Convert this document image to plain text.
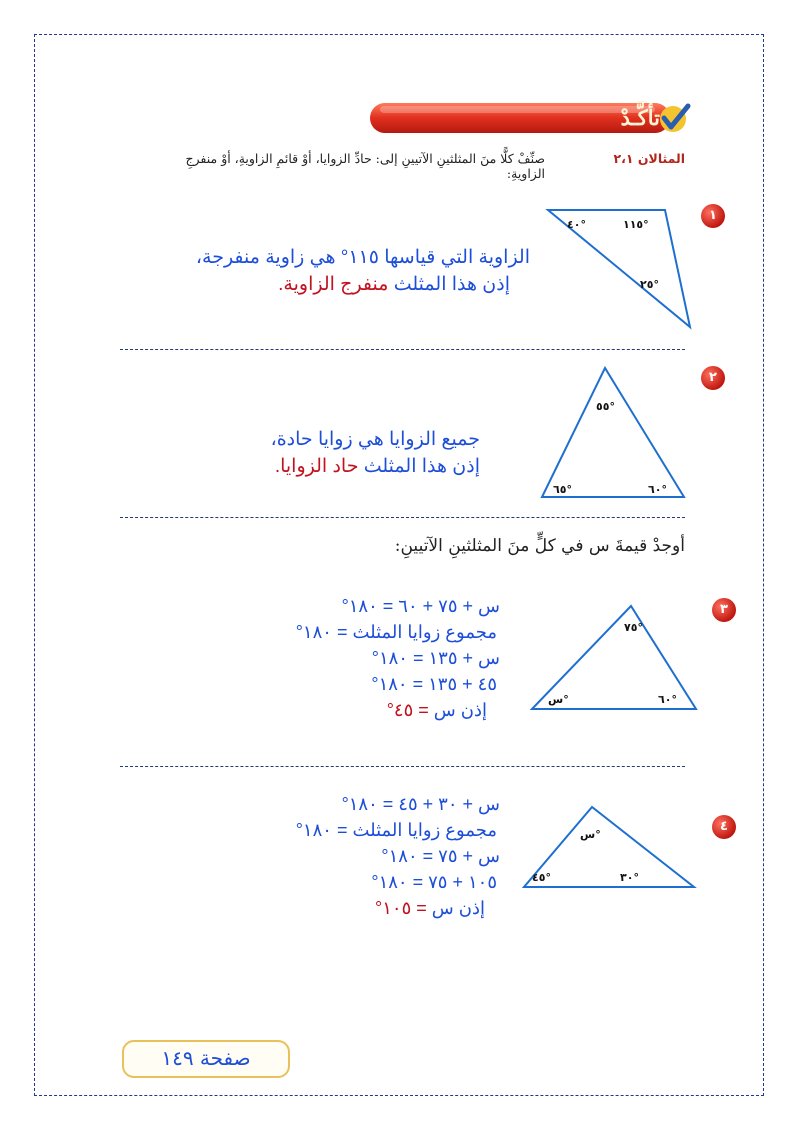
تأكَّـدْ
المثالان ٢،١
صنِّفْ كلًّا منَ المثلثينِ الآتيينِ إلى: حادِّ الزوايا، أوْ قائمِ الزاويةِ، أوْ منفرجِ الزاويةِ:
١
٤٠°	١١٥°
٢٥°
الزاوية التي قياسها ١١٥° هي زاوية منفرجة،
إذن هذا المثلث منفرج الزاوية.
٢
٥٥°
٦٥°	٦٠°
جميع الزوايا هي زوايا حادة،
إذن هذا المثلث حاد الزوايا.
أوجدْ قيمةَ س في كلٍّ منَ المثلثينِ الآتيينِ:
٣
٧٥°
س°	٦٠°
س + ٧٥ + ٦٠ = ١٨٠°
مجموع زوايا المثلث = ١٨٠°
س + ١٣٥ = ١٨٠°
٤٥ + ١٣٥ = ١٨٠°
إذن س = ٤٥°
٤
س°
٤٥°	٣٠°
س + ٣٠ + ٤٥ = ١٨٠°
مجموع زوايا المثلث = ١٨٠°
س + ٧٥ = ١٨٠°
١٠٥ + ٧٥ = ١٨٠°
إذن س = ١٠٥°
صفحة ١٤٩
